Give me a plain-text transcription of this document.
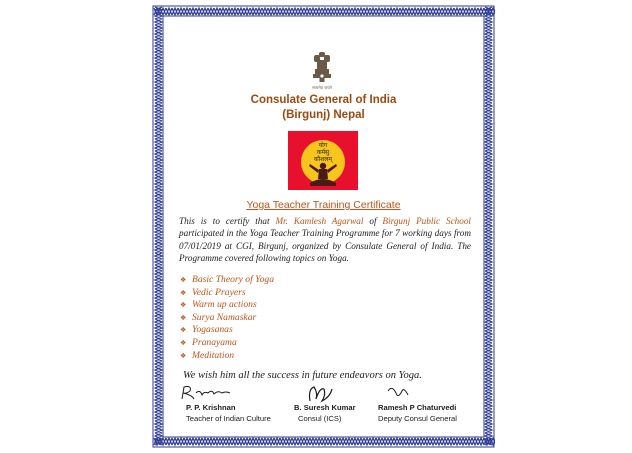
सत्यमेव जयते
Consulate General of India
(Birgunj) Nepal
योग
कर्मसु
कौशलम्
Yoga Teacher Training Certificate
This is to certify that Mr. Kamlesh Agarwal of Birgunj Public School participated in the Yoga Teacher Training Programme for 7 working days from 07/01/2019 at CGI, Birgunj, organized by Consulate General of India. The Programme covered following topics on Yoga.
❖ Basic Theory of Yoga
❖ Vedic Prayers
❖ Warm up actions
❖ Surya Namaskar
❖ Yogasanas
❖ Pranayama
❖ Meditation
We wish him all the success in future endeavors on Yoga.
P. P. Krishnan
Teacher of Indian Culture
B. Suresh Kumar
Consul (ICS)
Ramesh P Chaturvedi
Deputy Consul General
